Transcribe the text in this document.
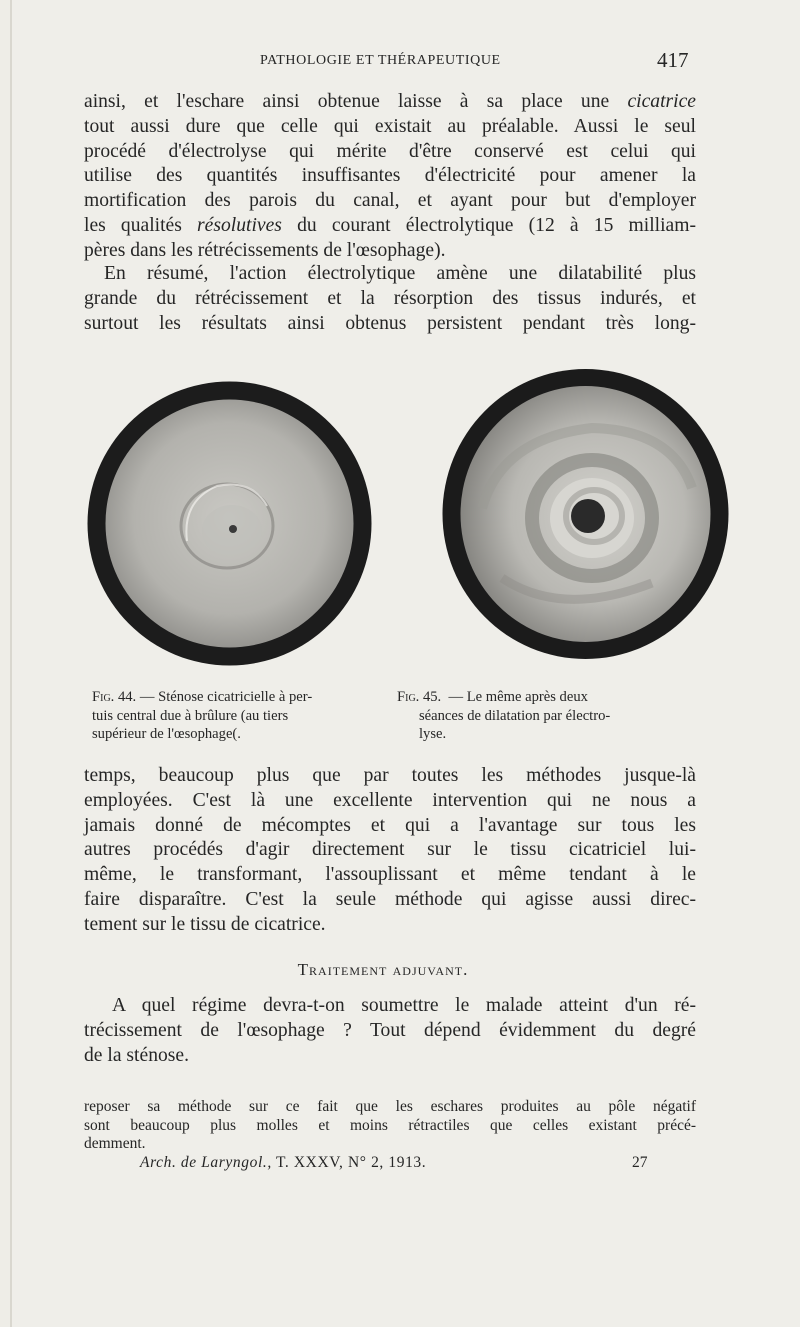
PATHOLOGIE ET THÉRAPEUTIQUE	417
ainsi, et l'eschare ainsi obtenue laisse à sa place une cicatrice
tout aussi dure que celle qui existait au préalable. Aussi le seul
procédé d'électrolyse qui mérite d'être conservé est celui qui
utilise des quantités insuffisantes d'électricité pour amener la
mortification des parois du canal, et ayant pour but d'employer
les qualités résolutives du courant électrolytique (12 à 15 milliam-
pères dans les rétrécissements de l'œsophage).
En résumé, l'action électrolytique amène une dilatabilité plus
grande du rétrécissement et la résorption des tissus indurés, et
surtout les résultats ainsi obtenus persistent pendant très long-
Fig. 44. — Sténose cicatricielle à per-
tuis central due à brûlure (au tiers
supérieur de l'œsophage(.
Fig. 45. — Le même après deux
séances de dilatation par électro-
lyse.
temps, beaucoup plus que par toutes les méthodes jusque-là
employées. C'est là une excellente intervention qui ne nous a
jamais donné de mécomptes et qui a l'avantage sur tous les
autres procédés d'agir directement sur le tissu cicatriciel lui-
même, le transformant, l'assouplissant et même tendant à le
faire disparaître. C'est la seule méthode qui agisse aussi direc-
tement sur le tissu de cicatrice.
Traitement adjuvant.
A quel régime devra-t-on soumettre le malade atteint d'un ré-
trécissement de l'œsophage ? Tout dépend évidemment du degré
de la sténose.
reposer sa méthode sur ce fait que les eschares produites au pôle négatif
sont beaucoup plus molles et moins rétractiles que celles existant précé-
demment.
Arch. de Laryngol., T. XXXV, N° 2, 1913.	27
